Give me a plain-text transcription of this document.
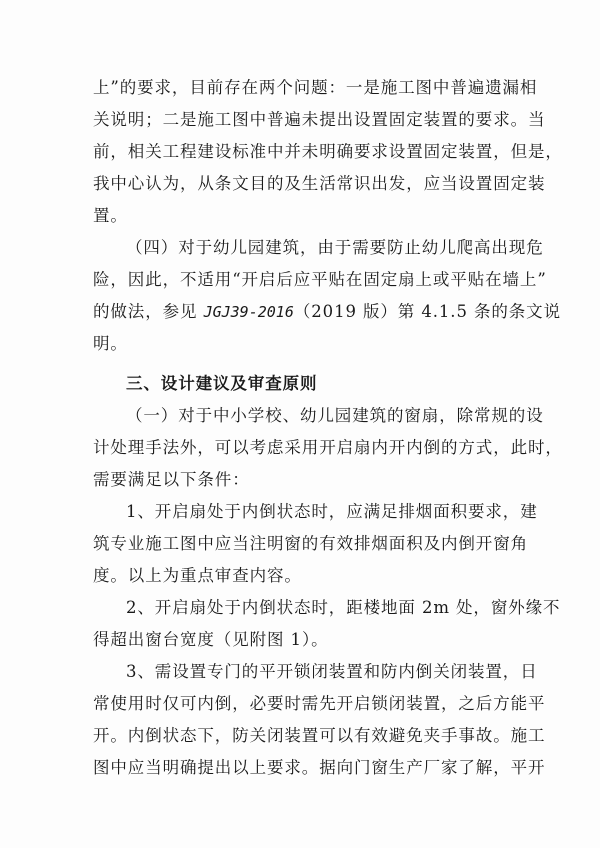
上”的要求，目前存在两个问题：一是施工图中普遍遗漏相
关说明；二是施工图中普遍未提出设置固定装置的要求。当
前，相关工程建设标准中并未明确要求设置固定装置，但是，
我中心认为，从条文目的及生活常识出发，应当设置固定装
置。
（四）对于幼儿园建筑，由于需要防止幼儿爬高出现危
险，因此，不适用“开启后应平贴在固定扇上或平贴在墙上”
的做法，参见 JGJ39-2016（2019 版）第 4.1.5 条的条文说
明。
三、设计建议及审查原则
（一）对于中小学校、幼儿园建筑的窗扇，除常规的设
计处理手法外，可以考虑采用开启扇内开内倒的方式，此时，
需要满足以下条件：
1、开启扇处于内倒状态时，应满足排烟面积要求，建
筑专业施工图中应当注明窗的有效排烟面积及内倒开窗角
度。以上为重点审查内容。
2、开启扇处于内倒状态时，距楼地面 2m 处，窗外缘不
得超出窗台宽度（见附图 1）。
3、需设置专门的平开锁闭装置和防内倒关闭装置，日
常使用时仅可内倒，必要时需先开启锁闭装置，之后方能平
开。内倒状态下，防关闭装置可以有效避免夹手事故。施工
图中应当明确提出以上要求。据向门窗生产厂家了解，平开
